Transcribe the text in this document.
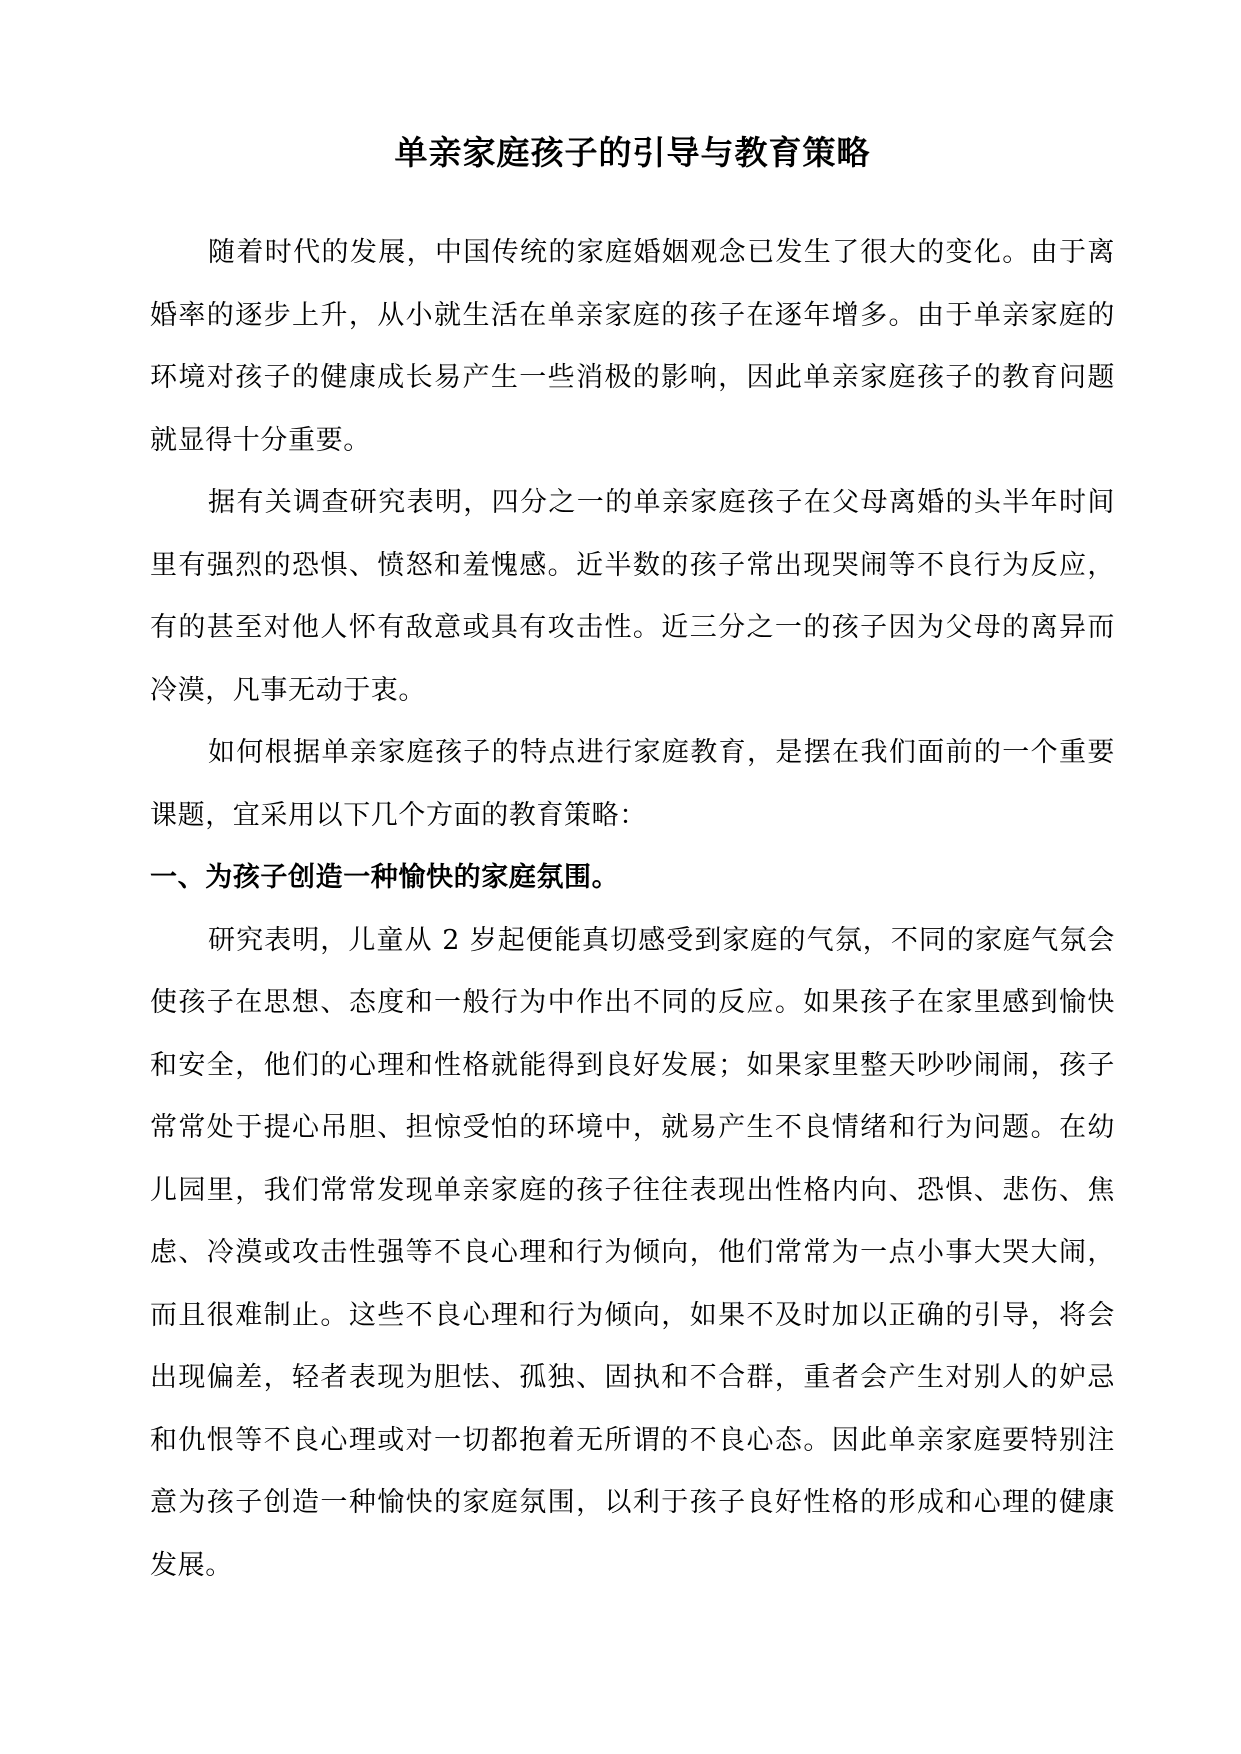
单亲家庭孩子的引导与教育策略

随着时代的发展，中国传统的家庭婚姻观念已发生了很大的变化。由于离婚率的逐步上升，从小就生活在单亲家庭的孩子在逐年增多。由于单亲家庭的环境对孩子的健康成长易产生一些消极的影响，因此单亲家庭孩子的教育问题就显得十分重要。

据有关调查研究表明，四分之一的单亲家庭孩子在父母离婚的头半年时间里有强烈的恐惧、愤怒和羞愧感。近半数的孩子常出现哭闹等不良行为反应，有的甚至对他人怀有敌意或具有攻击性。近三分之一的孩子因为父母的离异而冷漠，凡事无动于衷。

如何根据单亲家庭孩子的特点进行家庭教育，是摆在我们面前的一个重要课题，宜采用以下几个方面的教育策略：

一、为孩子创造一种愉快的家庭氛围。

研究表明，儿童从 2 岁起便能真切感受到家庭的气氛，不同的家庭气氛会使孩子在思想、态度和一般行为中作出不同的反应。如果孩子在家里感到愉快和安全，他们的心理和性格就能得到良好发展；如果家里整天吵吵闹闹，孩子常常处于提心吊胆、担惊受怕的环境中，就易产生不良情绪和行为问题。在幼儿园里，我们常常发现单亲家庭的孩子往往表现出性格内向、恐惧、悲伤、焦虑、冷漠或攻击性强等不良心理和行为倾向，他们常常为一点小事大哭大闹，而且很难制止。这些不良心理和行为倾向，如果不及时加以正确的引导，将会出现偏差，轻者表现为胆怯、孤独、固执和不合群，重者会产生对别人的妒忌和仇恨等不良心理或对一切都抱着无所谓的不良心态。因此单亲家庭要特别注意为孩子创造一种愉快的家庭氛围，以利于孩子良好性格的形成和心理的健康发展。
